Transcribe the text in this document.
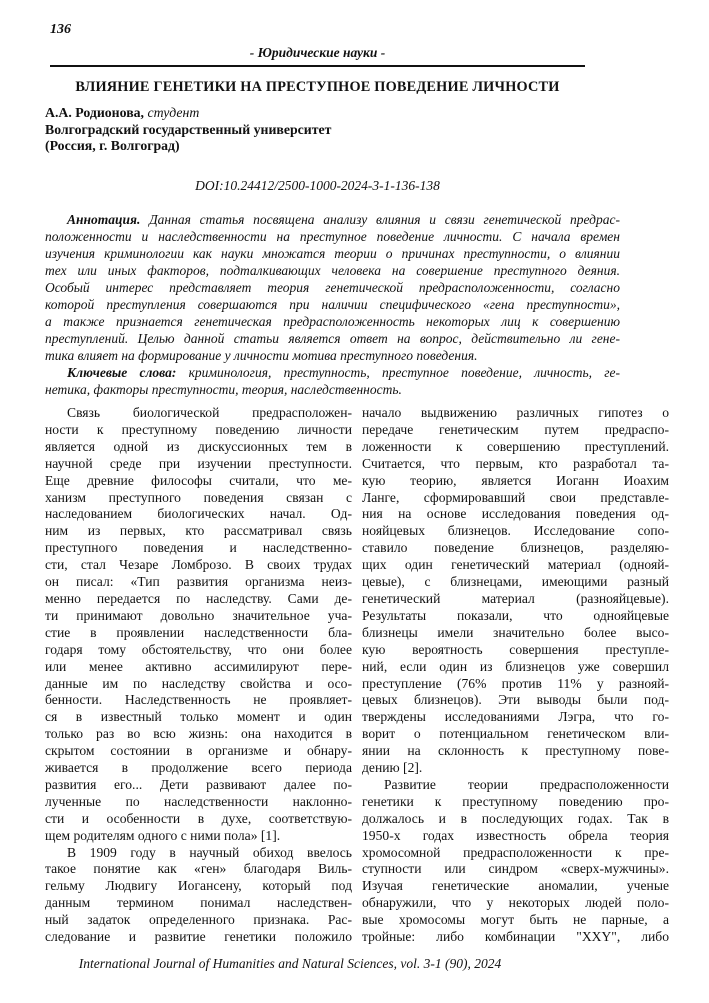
136
- Юридические науки -
ВЛИЯНИЕ ГЕНЕТИКИ НА ПРЕСТУПНОЕ ПОВЕДЕНИЕ ЛИЧНОСТИ
А.А. Родионова, студент
Волгоградский государственный университет
(Россия, г. Волгоград)
DOI:10.24412/2500-1000-2024-3-1-136-138
Аннотация. Данная статья посвящена анализу влияния и связи генетической предрас-
положенности и наследственности на преступное поведение личности. С начала времен
изучения криминологии как науки множатся теории о причинах преступности, о влиянии
тех или иных факторов, подталкивающих человека на совершение преступного деяния.
Особый интерес представляет теория генетической предрасположенности, согласно
которой преступления совершаются при наличии специфического «гена преступности»,
а также признается генетическая предрасположенность некоторых лиц к совершению
преступлений. Целью данной статьи является ответ на вопрос, действительно ли гене-
тика влияет на формирование у личности мотива преступного поведения.
Ключевые слова: криминология, преступность, преступное поведение, личность, ге-
нетика, факторы преступности, теория, наследственность.
Связь биологической предрасположен-
ности к преступному поведению личности
является одной из дискуссионных тем в
научной среде при изучении преступности.
Еще древние философы считали, что ме-
ханизм преступного поведения связан с
наследованием биологических начал. Од-
ним из первых, кто рассматривал связь
преступного поведения и наследственно-
сти, стал Чезаре Ломброзо. В своих трудах
он писал: «Тип развития организма неиз-
менно передается по наследству. Сами де-
ти принимают довольно значительное уча-
стие в проявлении наследственности бла-
годаря тому обстоятельству, что они более
или менее активно ассимилируют пере-
данные им по наследству свойства и осо-
бенности. Наследственность не проявляет-
ся в известный только момент и один
только раз во всю жизнь: она находится в
скрытом состоянии в организме и обнару-
живается в продолжение всего периода
развития его... Дети развивают далее по-
лученные по наследственности наклонно-
сти и особенности в духе, соответствую-
щем родителям одного с ними пола» [1].
В 1909 году в научный обиход ввелось
такое понятие как «ген» благодаря Виль-
гельму Людвигу Иогансену, который под
данным термином понимал наследствен-
ный задаток определенного признака. Рас-
следование и развитие генетики положило
начало выдвижению различных гипотез о
передаче генетическим путем предраспо-
ложенности к совершению преступлений.
Считается, что первым, кто разработал та-
кую теорию, является Иоганн Иоахим
Ланге, сформировавший свои представле-
ния на основе исследования поведения од-
нояйцевых близнецов. Исследование сопо-
ставило поведение близнецов, разделяю-
щих один генетический материал (однояй-
цевые), с близнецами, имеющими разный
генетический материал (разнояйцевые).
Результаты показали, что однояйцевые
близнецы имели значительно более высо-
кую вероятность совершения преступле-
ний, если один из близнецов уже совершил
преступление (76% против 11% у разнояй-
цевых близнецов). Эти выводы были под-
тверждены исследованиями Лэгра, что го-
ворит о потенциальном генетическом вли-
янии на склонность к преступному пове-
дению [2].
Развитие теории предрасположенности
генетики к преступному поведению про-
должалось и в последующих годах. Так в
1950-х годах известность обрела теория
хромосомной предрасположенности к пре-
ступности или синдром «сверх-мужчины».
Изучая генетические аномалии, ученые
обнаружили, что у некоторых людей поло-
вые хромосомы могут быть не парные, а
тройные: либо комбинации "XXY", либо
International Journal of Humanities and Natural Sciences, vol. 3-1 (90), 2024
